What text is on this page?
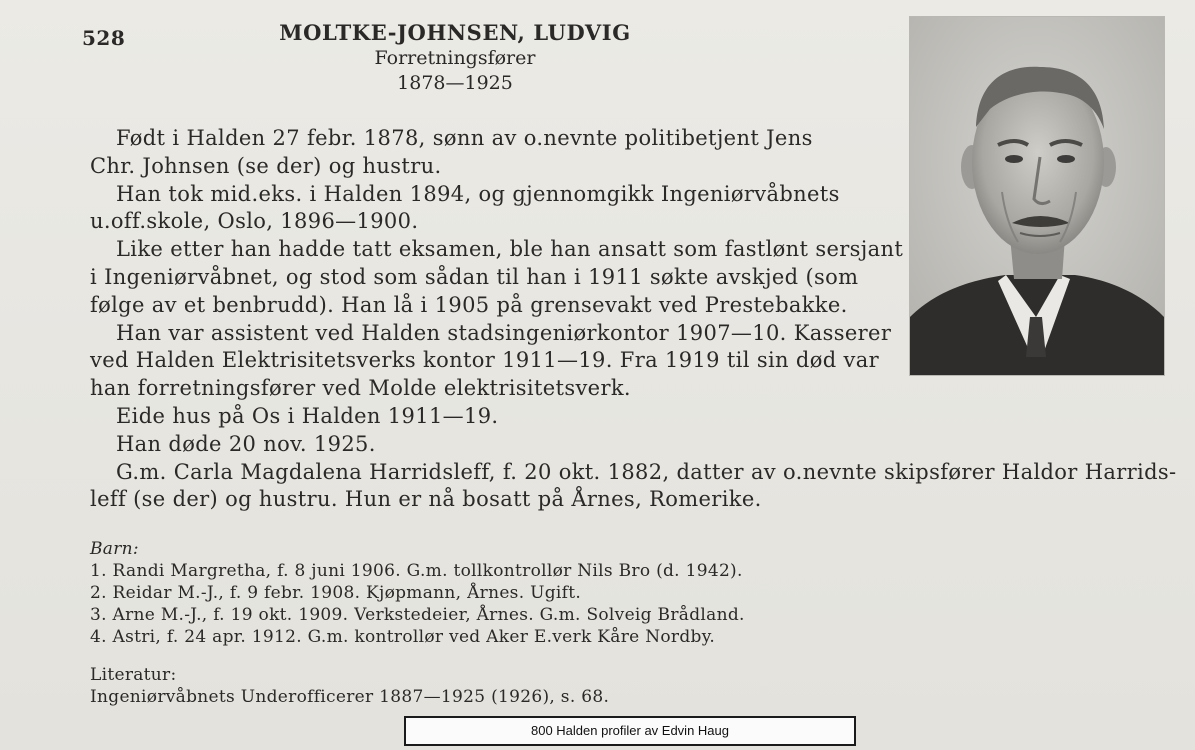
528	MOLTKE-JOHNSEN, LUDVIG
Forretningsfører
1878—1925
Født i Halden 27 febr. 1878, sønn av o.nevnte politibetjent Jens
Chr. Johnsen (se der) og hustru.
Han tok mid.eks. i Halden 1894, og gjennomgikk Ingeniørvåbnets
u.off.skole, Oslo, 1896—1900.
Like etter han hadde tatt eksamen, ble han ansatt som fastlønt sersjant
i Ingeniørvåbnet, og stod som sådan til han i 1911 søkte avskjed (som
følge av et benbrudd). Han lå i 1905 på grensevakt ved Prestebakke.
Han var assistent ved Halden stadsingeniørkontor 1907—10. Kasserer
ved Halden Elektrisitetsverks kontor 1911—19. Fra 1919 til sin død var
han forretningsfører ved Molde elektrisitetsverk.
Eide hus på Os i Halden 1911—19.
Han døde 20 nov. 1925.
G.m. Carla Magdalena Harridsleff, f. 20 okt. 1882, datter av o.nevnte skipsfører Haldor Harrids-
leff (se der) og hustru. Hun er nå bosatt på Årnes, Romerike.
Barn:
1. Randi Margretha, f. 8 juni 1906. G.m. tollkontrollør Nils Bro (d. 1942).
2. Reidar M.-J., f. 9 febr. 1908. Kjøpmann, Årnes. Ugift.
3. Arne M.-J., f. 19 okt. 1909. Verkstedeier, Årnes. G.m. Solveig Brådland.
4. Astri, f. 24 apr. 1912. G.m. kontrollør ved Aker E.verk Kåre Nordby.
Literatur:
Ingeniørvåbnets Underofficerer 1887—1925 (1926), s. 68.
800 Halden profiler av Edvin Haug
